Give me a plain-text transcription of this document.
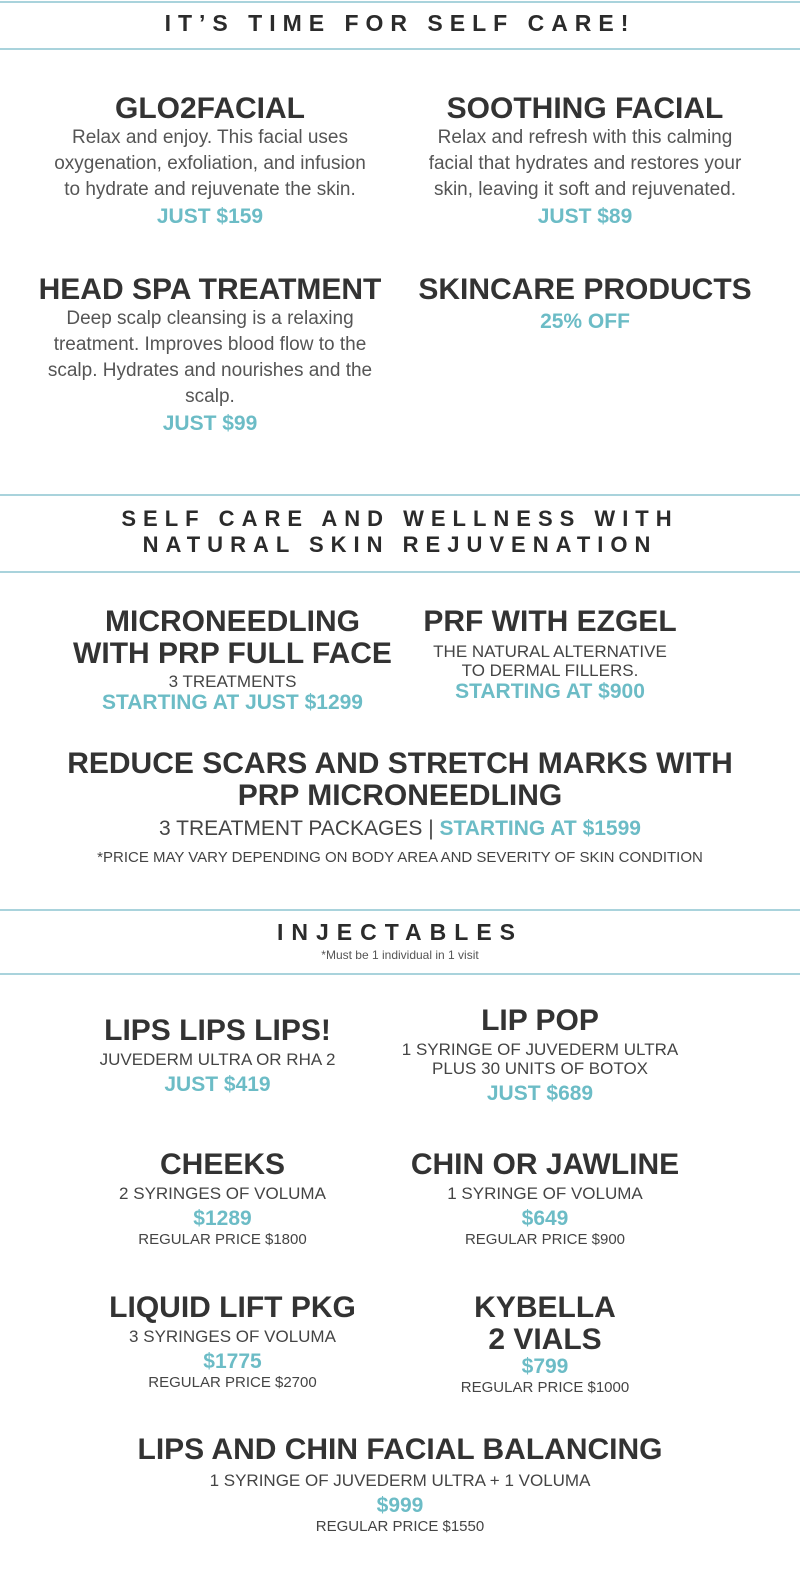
IT’S TIME FOR SELF CARE!
GLO2FACIAL
Relax and enjoy. This facial uses
oxygenation, exfoliation, and infusion
to hydrate and rejuvenate the skin.
JUST $159
SOOTHING FACIAL
Relax and refresh with this calming
facial that hydrates and restores your
skin, leaving it soft and rejuvenated.
JUST $89
HEAD SPA TREATMENT
Deep scalp cleansing is a relaxing
treatment. Improves blood flow to the
scalp. Hydrates and nourishes and the
scalp.
JUST $99
SKINCARE PRODUCTS
25% OFF
SELF CARE AND WELLNESS WITH
NATURAL SKIN REJUVENATION
MICRONEEDLING
WITH PRP FULL FACE
3 TREATMENTS
STARTING AT JUST $1299
PRF WITH EZGEL
THE NATURAL ALTERNATIVE
TO DERMAL FILLERS.
STARTING AT $900
REDUCE SCARS AND STRETCH MARKS WITH
PRP MICRONEEDLING
3 TREATMENT PACKAGES | STARTING AT $1599
*PRICE MAY VARY DEPENDING ON BODY AREA AND SEVERITY OF SKIN CONDITION
INJECTABLES
*Must be 1 individual in 1 visit
LIPS LIPS LIPS!
JUVEDERM ULTRA OR RHA 2
JUST $419
LIP POP
1 SYRINGE OF JUVEDERM ULTRA
PLUS 30 UNITS OF BOTOX
JUST $689
CHEEKS
2 SYRINGES OF VOLUMA
$1289
REGULAR PRICE $1800
CHIN OR JAWLINE
1 SYRINGE OF VOLUMA
$649
REGULAR PRICE $900
LIQUID LIFT PKG
3 SYRINGES OF VOLUMA
$1775
REGULAR PRICE $2700
KYBELLA
2 VIALS
$799
REGULAR PRICE $1000
LIPS AND CHIN FACIAL BALANCING
1 SYRINGE OF JUVEDERM ULTRA + 1 VOLUMA
$999
REGULAR PRICE $1550
